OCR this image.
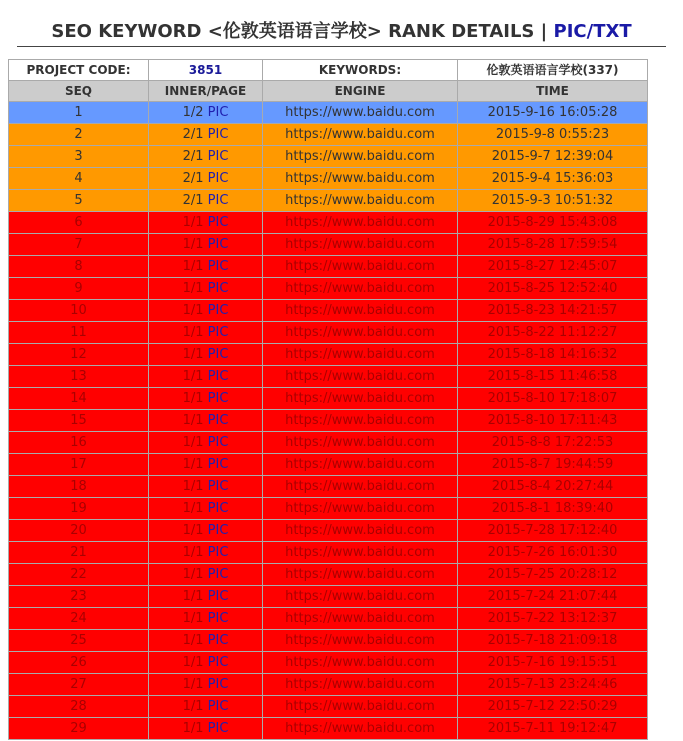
SEO KEYWORD <伦敦英语语言学校> RANK DETAILS | PIC/TXT
PROJECT CODE:	3851	KEYWORDS:	伦敦英语语言学校(337)
SEQ	INNER/PAGE	ENGINE	TIME
1	1/2 PIC	https://www.baidu.com	2015-9-16 16:05:28
2	2/1 PIC	https://www.baidu.com	2015-9-8 0:55:23
3	2/1 PIC	https://www.baidu.com	2015-9-7 12:39:04
4	2/1 PIC	https://www.baidu.com	2015-9-4 15:36:03
5	2/1 PIC	https://www.baidu.com	2015-9-3 10:51:32
6	1/1 PIC	https://www.baidu.com	2015-8-29 15:43:08
7	1/1 PIC	https://www.baidu.com	2015-8-28 17:59:54
8	1/1 PIC	https://www.baidu.com	2015-8-27 12:45:07
9	1/1 PIC	https://www.baidu.com	2015-8-25 12:52:40
10	1/1 PIC	https://www.baidu.com	2015-8-23 14:21:57
11	1/1 PIC	https://www.baidu.com	2015-8-22 11:12:27
12	1/1 PIC	https://www.baidu.com	2015-8-18 14:16:32
13	1/1 PIC	https://www.baidu.com	2015-8-15 11:46:58
14	1/1 PIC	https://www.baidu.com	2015-8-10 17:18:07
15	1/1 PIC	https://www.baidu.com	2015-8-10 17:11:43
16	1/1 PIC	https://www.baidu.com	2015-8-8 17:22:53
17	1/1 PIC	https://www.baidu.com	2015-8-7 19:44:59
18	1/1 PIC	https://www.baidu.com	2015-8-4 20:27:44
19	1/1 PIC	https://www.baidu.com	2015-8-1 18:39:40
20	1/1 PIC	https://www.baidu.com	2015-7-28 17:12:40
21	1/1 PIC	https://www.baidu.com	2015-7-26 16:01:30
22	1/1 PIC	https://www.baidu.com	2015-7-25 20:28:12
23	1/1 PIC	https://www.baidu.com	2015-7-24 21:07:44
24	1/1 PIC	https://www.baidu.com	2015-7-22 13:12:37
25	1/1 PIC	https://www.baidu.com	2015-7-18 21:09:18
26	1/1 PIC	https://www.baidu.com	2015-7-16 19:15:51
27	1/1 PIC	https://www.baidu.com	2015-7-13 23:24:46
28	1/1 PIC	https://www.baidu.com	2015-7-12 22:50:29
29	1/1 PIC	https://www.baidu.com	2015-7-11 19:12:47
